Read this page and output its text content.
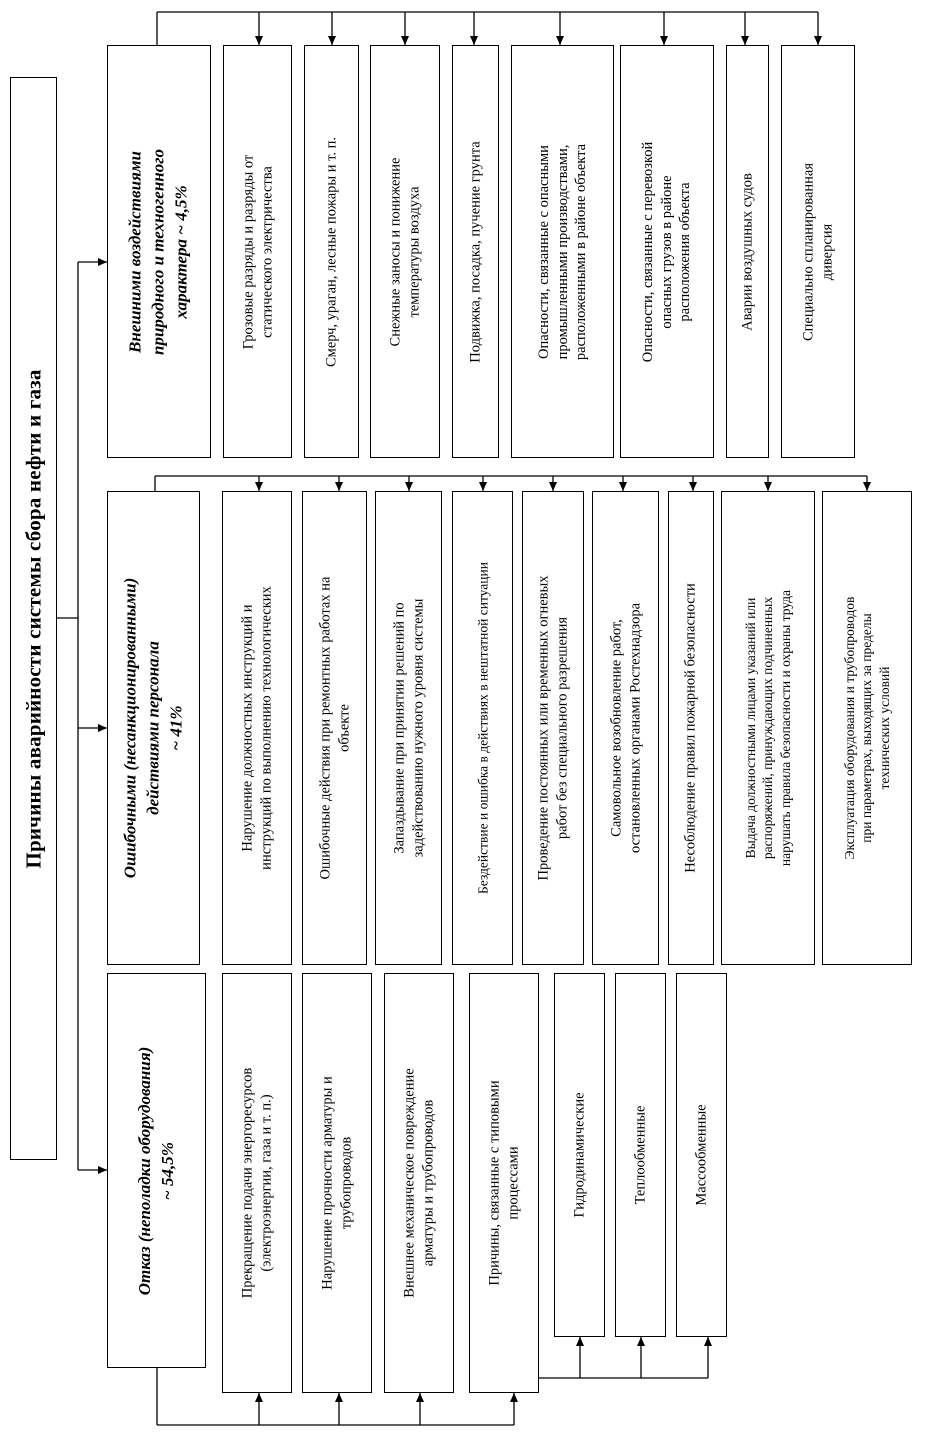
Причины аварийности системы сбора нефти и газа
Внешними воздействиями природного и техногенного характера ~ 4,5%	Грозовые разряды и разряды от статического электричества	Смерч, ураган, лесные пожары и т. п.	Снежные заносы и понижение температуры воздуха	Подвижка, посадка, пучение грунта	Опасности, связанные с опасными промышленными производствами, расположенными в районе объекта	Опасности, связанные с перевозкой опасных грузов в районе расположения объекта	Аварии воздушных судов	Специально спланированная диверсия
Ошибочными (несанкционированными) действиями персонала ~ 41%	Нарушение должностных инструкций и инструкций по выполнению технологических	Ошибочные действия при ремонтных работах на объекте	Запаздывание при принятии решений по задействованию нужного уровня системы	Бездействие и ошибка в действиях в нештатной ситуации	Проведение постоянных или временных огневых работ без специального разрешения	Самовольное возобновление работ, остановленных органами Ростехнадзора	Несоблюдение правил пожарной безопасности	Выдача должностными лицами указаний или распоряжений, принуждающих подчиненных нарушать правила безопасности и охраны труда	Эксплуатация оборудования и трубопроводов при параметрах, выходящих за пределы технических условий
Отказ (неполадки оборудования) ~ 54,5%	Прекращение подачи энергоресурсов (электроэнергии, газа и т. п.)	Нарушение прочности арматуры и трубопроводов	Внешнее механическое повреждение арматуры и трубопроводов	Причины, связанные с типовыми процессами	Гидродинамические	Теплообменные	Массообменные
